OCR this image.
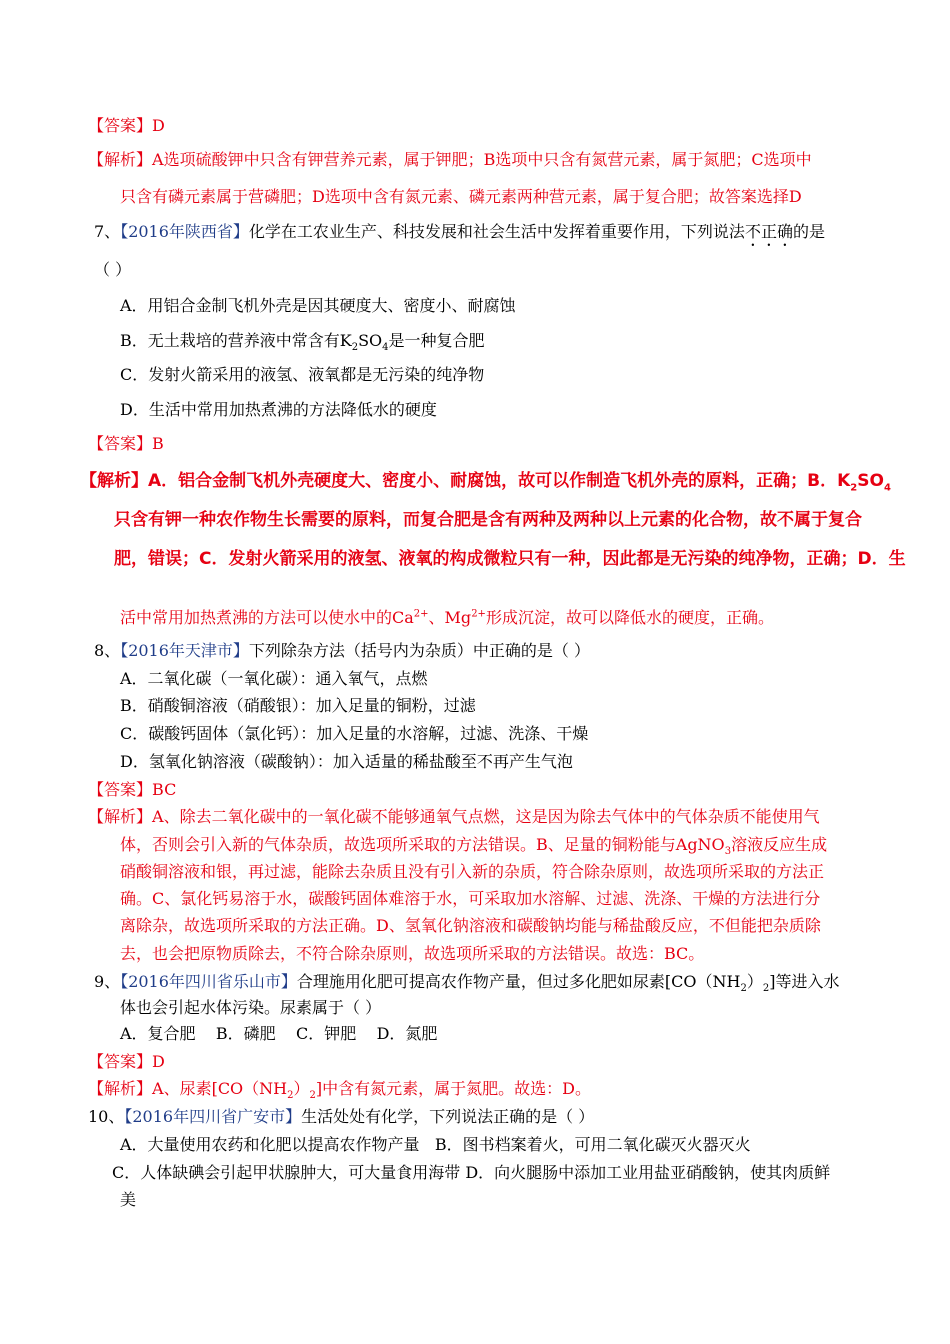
【答案】D
【解析】A选项硫酸钾中只含有钾营养元素，属于钾肥；B选项中只含有氮营元素，属于氮肥；C选项中
只含有磷元素属于营磷肥；D选项中含有氮元素、磷元素两种营元素，属于复合肥；故答案选择D
7、【2016年陕西省】化学在工农业生产、科技发展和社会生活中发挥着重要作用，下列说法不正确的是
（ ）
A．用铝合金制飞机外壳是因其硬度大、密度小、耐腐蚀
B．无土栽培的营养液中常含有$K_2SO_4$是一种复合肥
C．发射火箭采用的液氢、液氧都是无污染的纯净物
D．生活中常用加热煮沸的方法降低水的硬度
【答案】B
【解析】A．铝合金制飞机外壳硬度大、密度小、耐腐蚀，故可以作制造飞机外壳的原料，正确；B．$K_2SO_4$
只含有钾一种农作物生长需要的原料，而复合肥是含有两种及两种以上元素的化合物，故不属于复合
肥，错误；C．发射火箭采用的液氢、液氧的构成微粒只有一种，因此都是无污染的纯净物，正确；D．生
活中常用加热煮沸的方法可以使水中的$Ca^{2+}$、$Mg^{2+}$形成沉淀，故可以降低水的硬度，正确。
8、【2016年天津市】下列除杂方法（括号内为杂质）中正确的是（ ）
A．二氧化碳（一氧化碳）：通入氧气，点燃
B．硝酸铜溶液（硝酸银）：加入足量的铜粉，过滤
C．碳酸钙固体（氯化钙）：加入足量的水溶解，过滤、洗涤、干燥
D．氢氧化钠溶液（碳酸钠）：加入适量的稀盐酸至不再产生气泡
【答案】BC
【解析】A、除去二氧化碳中的一氧化碳不能够通氧气点燃，这是因为除去气体中的气体杂质不能使用气
体，否则会引入新的气体杂质，故选项所采取的方法错误。B、足量的铜粉能与AgNO$_3$溶液反应生成
硝酸铜溶液和银，再过滤，能除去杂质且没有引入新的杂质，符合除杂原则，故选项所采取的方法正
确。C、氯化钙易溶于水，碳酸钙固体难溶于水，可采取加水溶解、过滤、洗涤、干燥的方法进行分
离除杂，故选项所采取的方法正确。D、氢氧化钠溶液和碳酸钠均能与稀盐酸反应，不但能把杂质除
去，也会把原物质除去，不符合除杂原则，故选项所采取的方法错误。故选：BC。
9、【2016年四川省乐山市】合理施用化肥可提高农作物产量，但过多化肥如尿素$[CO(NH_2)_2]$等进入水
体也会引起水体污染。尿素属于（ ）
A．复合肥    B．磷肥    C．钾肥    D．氮肥
【答案】D
【解析】A、尿素$[CO(NH_2)_2]$中含有氮元素，属于氮肥。故选：D。
10、【2016年四川省广安市】生活处处有化学，下列说法正确的是（ ）
A．大量使用农药和化肥以提高农作物产量   B．图书档案着火，可用二氧化碳灭火器灭火
C．人体缺碘会引起甲状腺肿大，可大量食用海带 D．向火腿肠中添加工业用盐亚硝酸钠，使其肉质鲜
美
